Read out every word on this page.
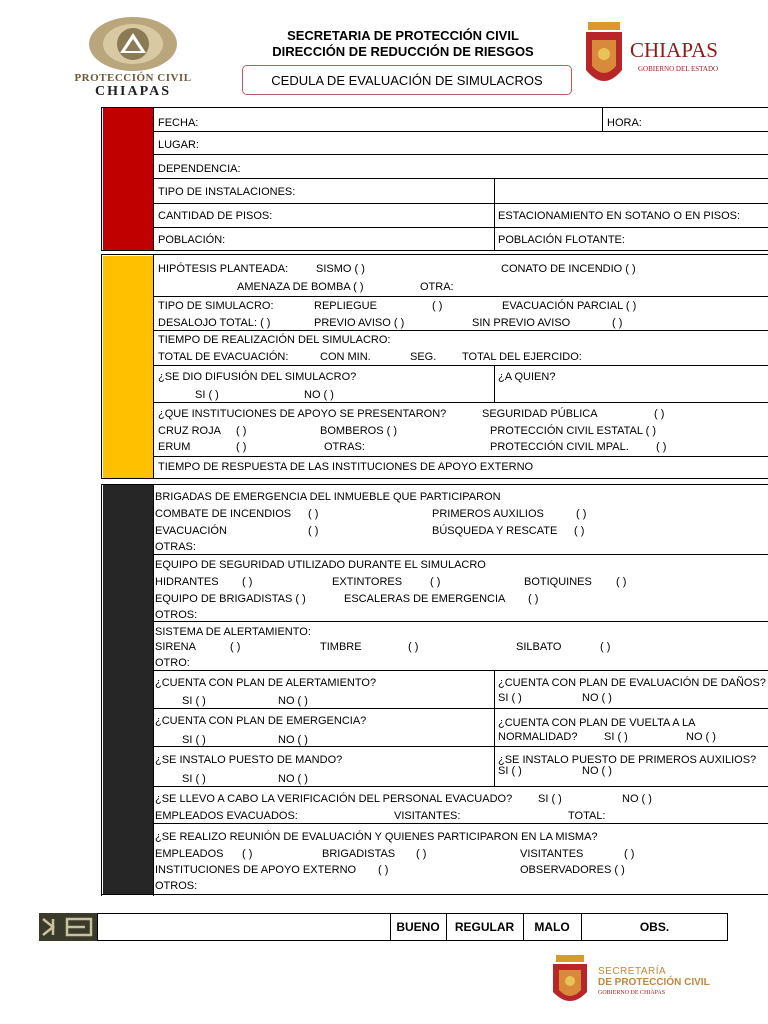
PROTECCIÓN CIVIL
CHIAPAS
SECRETARIA DE PROTECCIÓN CIVIL
DIRECCIÓN DE REDUCCIÓN DE RIESGOS
CEDULA DE EVALUACIÓN DE SIMULACROS
CHIAPAS
GOBIERNO DEL ESTADO
FECHA:	HORA:
LUGAR:
DEPENDENCIA:
TIPO DE INSTALACIONES:
CANTIDAD DE PISOS:	ESTACIONAMIENTO EN SOTANO O EN PISOS:
POBLACIÓN:	POBLACIÓN FLOTANTE:
HIPÓTESIS PLANTEADA:	SISMO ( )	CONATO DE INCENDIO ( )
AMENAZA DE BOMBA ( )	OTRA:
TIPO DE SIMULACRO:	REPLIEGUE	( )	EVACUACIÓN PARCIAL ( )
DESALOJO TOTAL: ( )	PREVIO AVISO ( )	SIN PREVIO AVISO	( )
TIEMPO DE REALIZACIÓN DEL SIMULACRO:
TOTAL DE EVACUACIÓN:	CON MIN.	SEG. TOTAL DEL EJERCIDO:
¿SE DIO DIFUSIÓN DEL SIMULACRO?	¿A QUIEN?
SI ( )	NO ( )
¿QUE INSTITUCIONES DE APOYO SE PRESENTARON?	SEGURIDAD PÚBLICA	( )
CRUZ ROJA ( )	BOMBEROS ( )	PROTECCIÓN CIVIL ESTATAL ( )
ERUM	( )	OTRAS:	PROTECCIÓN CIVIL MPAL. ( )
TIEMPO DE RESPUESTA DE LAS INSTITUCIONES DE APOYO EXTERNO
BRIGADAS DE EMERGENCIA DEL INMUEBLE QUE PARTICIPARON
COMBATE DE INCENDIOS ( )	PRIMEROS AUXILIOS	( )
EVACUACIÓN	( )	BÚSQUEDA Y RESCATE ( )
OTRAS:
EQUIPO DE SEGURIDAD UTILIZADO DURANTE EL SIMULACRO
HIDRANTES ( )	EXTINTORES	( )	BOTIQUINES ( )
EQUIPO DE BRIGADISTAS ( )	ESCALERAS DE EMERGENCIA ( )
OTROS:
SISTEMA DE ALERTAMIENTO:
SIRENA	( )	TIMBRE	( )	SILBATO	( )
OTRO:
¿CUENTA CON PLAN DE ALERTAMIENTO?
SI ( )	NO ( )
¿CUENTA CON PLAN DE EVALUACIÓN DE DAÑOS?
SI ( )	NO ( )
¿CUENTA CON PLAN DE EMERGENCIA?
SI ( )	NO ( )
¿CUENTA CON PLAN DE VUELTA A LA
NORMALIDAD? SI ( )	NO ( )
¿SE INSTALO PUESTO DE MANDO?
SI ( )	NO ( )
¿SE INSTALO PUESTO DE PRIMEROS AUXILIOS?
SI ( )	NO ( )
¿SE LLEVO A CABO LA VERIFICACIÓN DEL PERSONAL EVACUADO? SI ( )	NO ( )
EMPLEADOS EVACUADOS:	VISITANTES:	TOTAL:
¿SE REALIZO REUNIÓN DE EVALUACIÓN Y QUIENES PARTICIPARON EN LA MISMA?
EMPLEADOS ( )	BRIGADISTAS ( )	VISITANTES	( )
INSTITUCIONES DE APOYO EXTERNO ( )	OBSERVADORES ( )
OTROS:
BUENO	REGULAR	MALO	OBS.
SECRETARÍA
DE PROTECCIÓN CIVIL
GOBIERNO DE CHIAPAS
